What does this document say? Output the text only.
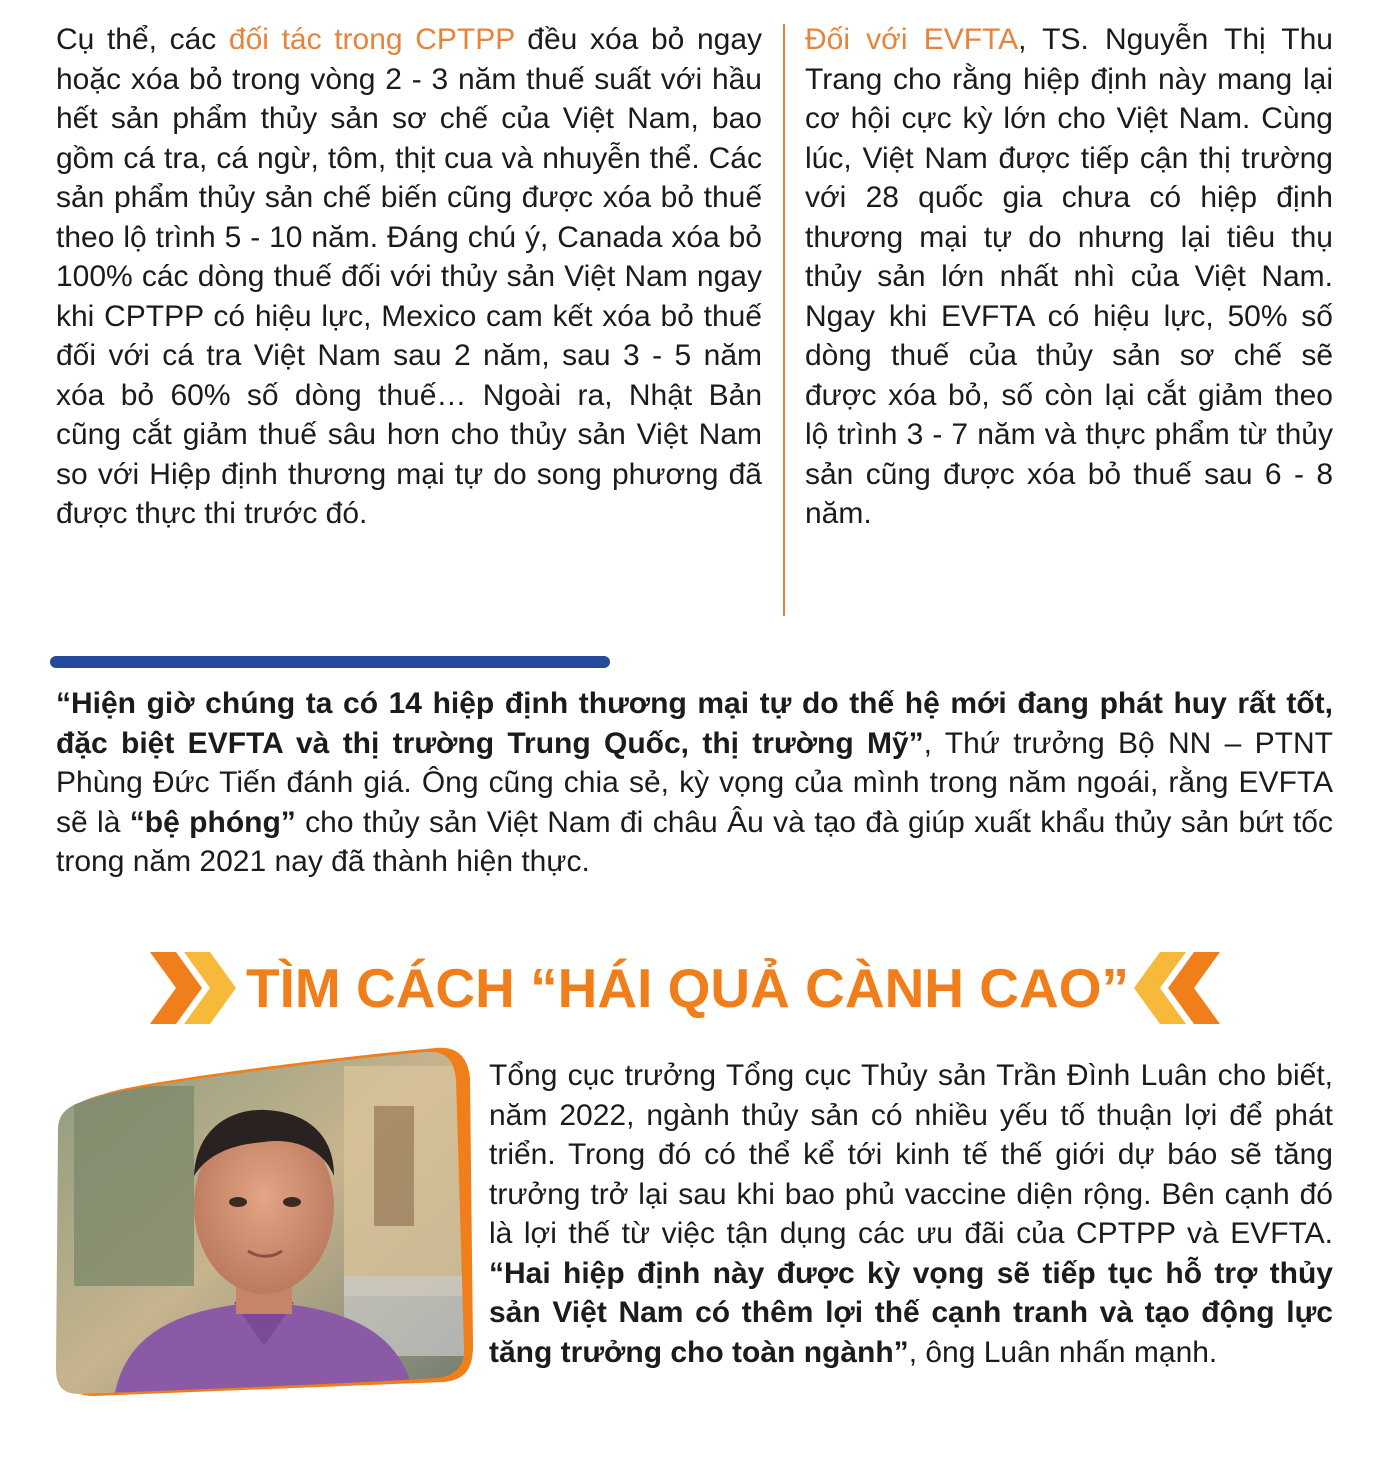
Cụ thể, các đối tác trong CPTPP đều xóa bỏ ngay hoặc xóa bỏ trong vòng 2 - 3 năm thuế suất với hầu hết sản phẩm thủy sản sơ chế của Việt Nam, bao gồm cá tra, cá ngừ, tôm, thịt cua và nhuyễn thể. Các sản phẩm thủy sản chế biến cũng được xóa bỏ thuế theo lộ trình 5 - 10 năm. Đáng chú ý, Canada xóa bỏ 100% các dòng thuế đối với thủy sản Việt Nam ngay khi CPTPP có hiệu lực, Mexico cam kết xóa bỏ thuế đối với cá tra Việt Nam sau 2 năm, sau 3 - 5 năm xóa bỏ 60% số dòng thuế… Ngoài ra, Nhật Bản cũng cắt giảm thuế sâu hơn cho thủy sản Việt Nam so với Hiệp định thương mại tự do song phương đã được thực thi trước đó.

Đối với EVFTA, TS. Nguyễn Thị Thu Trang cho rằng hiệp định này mang lại cơ hội cực kỳ lớn cho Việt Nam. Cùng lúc, Việt Nam được tiếp cận thị trường với 28 quốc gia chưa có hiệp định thương mại tự do nhưng lại tiêu thụ thủy sản lớn nhất nhì của Việt Nam. Ngay khi EVFTA có hiệu lực, 50% số dòng thuế của thủy sản sơ chế sẽ được xóa bỏ, số còn lại cắt giảm theo lộ trình 3 - 7 năm và thực phẩm từ thủy sản cũng được xóa bỏ thuế sau 6 - 8 năm.

“Hiện giờ chúng ta có 14 hiệp định thương mại tự do thế hệ mới đang phát huy rất tốt, đặc biệt EVFTA và thị trường Trung Quốc, thị trường Mỹ”, Thứ trưởng Bộ NN – PTNT Phùng Đức Tiến đánh giá. Ông cũng chia sẻ, kỳ vọng của mình trong năm ngoái, rằng EVFTA sẽ là “bệ phóng” cho thủy sản Việt Nam đi châu Âu và tạo đà giúp xuất khẩu thủy sản bứt tốc trong năm 2021 nay đã thành hiện thực.

TÌM CÁCH “HÁI QUẢ CÀNH CAO”

Tổng cục trưởng Tổng cục Thủy sản Trần Đình Luân cho biết, năm 2022, ngành thủy sản có nhiều yếu tố thuận lợi để phát triển. Trong đó có thể kể tới kinh tế thế giới dự báo sẽ tăng trưởng trở lại sau khi bao phủ vaccine diện rộng. Bên cạnh đó là lợi thế từ việc tận dụng các ưu đãi của CPTPP và EVFTA. “Hai hiệp định này được kỳ vọng sẽ tiếp tục hỗ trợ thủy sản Việt Nam có thêm lợi thế cạnh tranh và tạo động lực tăng trưởng cho toàn ngành”, ông Luân nhấn mạnh.
